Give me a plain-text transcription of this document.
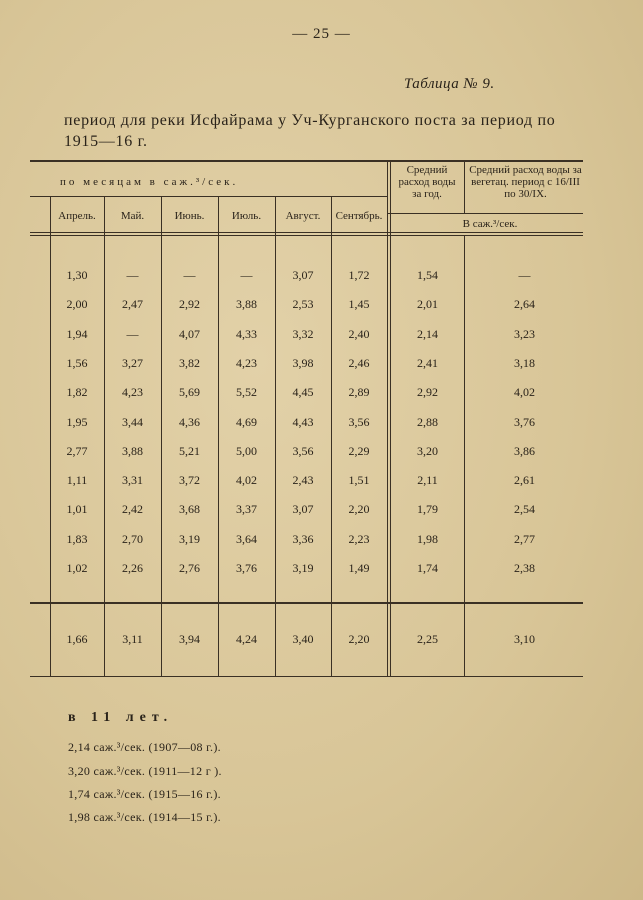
— 25 —
Таблица № 9.
период для реки Исфайрама у Уч-Курганского поста за период по 1915—16 г.
по месяцам в саж.³/сек.
Средний расход воды за год.
Средний расход воды за вегетац. период с 16/III по 30/IX.
В саж.³/сек.
Апрель.	Май.	Июнь.	Июль.	Август.	Сентябрь.
1,30	—	—	—	3,07	1,72	1,54	—
2,00	2,47	2,92	3,88	2,53	1,45	2,01	2,64
1,94	—	4,07	4,33	3,32	2,40	2,14	3,23
1,56	3,27	3,82	4,23	3,98	2,46	2,41	3,18
1,82	4,23	5,69	5,52	4,45	2,89	2,92	4,02
1,95	3,44	4,36	4,69	4,43	3,56	2,88	3,76
2,77	3,88	5,21	5,00	3,56	2,29	3,20	3,86
1,11	3,31	3,72	4,02	2,43	1,51	2,11	2,61
1,01	2,42	3,68	3,37	3,07	2,20	1,79	2,54
1,83	2,70	3,19	3,64	3,36	2,23	1,98	2,77
1,02	2,26	2,76	3,76	3,19	1,49	1,74	2,38
1,66	3,11	3,94	4,24	3,40	2,20	2,25	3,10
в 11 лет.
2,14 саж.³/сек. (1907—08 г.).
3,20 саж.³/сек. (1911—12 г ).
1,74 саж.³/сек. (1915—16 г.).
1,98 саж.³/сек. (1914—15 г.).
